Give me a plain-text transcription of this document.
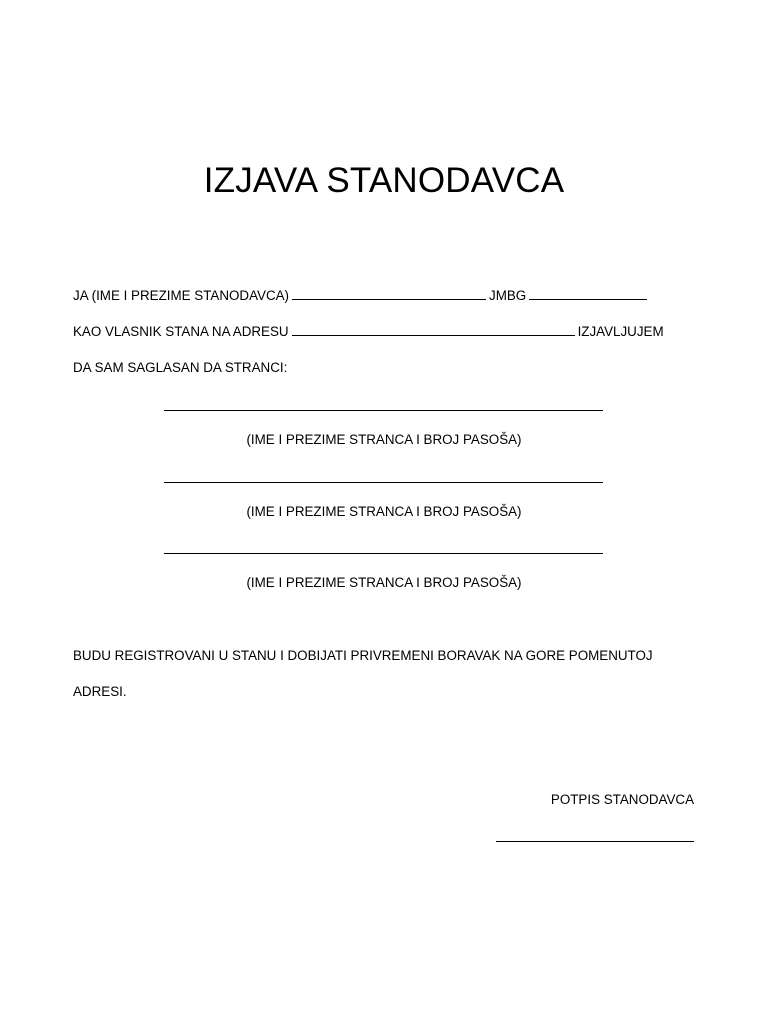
IZJAVA STANODAVCA
JA (IME I PREZIME STANODAVCA)	JMBG
KAO VLASNIK STANA NA ADRESU	IZJAVLJUJEM
DA SAM SAGLASAN DA STRANCI:
(IME I PREZIME STRANCA I BROJ PASOŠA)
(IME I PREZIME STRANCA I BROJ PASOŠA)
(IME I PREZIME STRANCA I BROJ PASOŠA)
BUDU REGISTROVANI U STANU I DOBIJATI PRIVREMENI BORAVAK NA GORE POMENUTOJ
ADRESI.
POTPIS STANODAVCA
